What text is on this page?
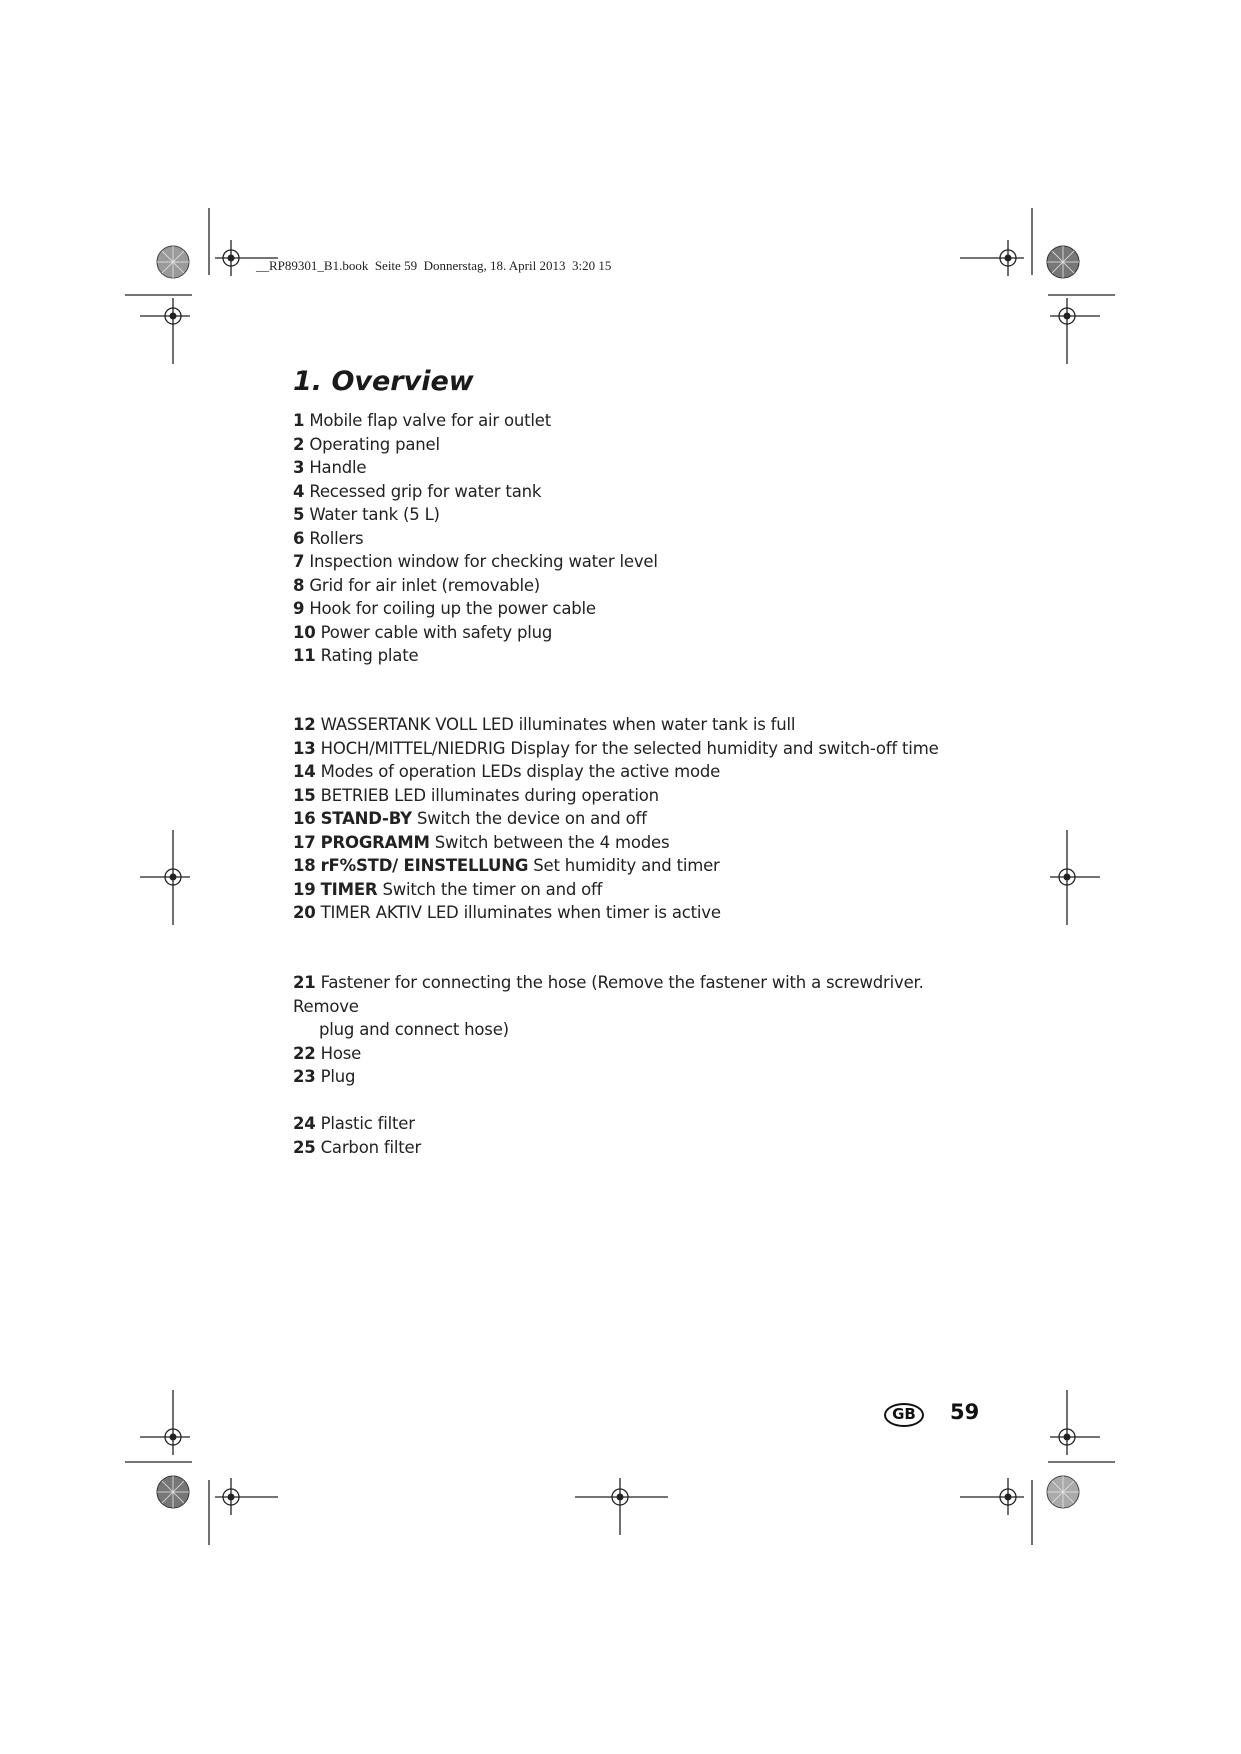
__RP89301_B1.book  Seite 59  Donnerstag, 18. April 2013  3:20 15
1. Overview
1 Mobile flap valve for air outlet
2 Operating panel
3 Handle
4 Recessed grip for water tank
5 Water tank (5 L)
6 Rollers
7 Inspection window for checking water level
8 Grid for air inlet (removable)
9 Hook for coiling up the power cable
10 Power cable with safety plug
11 Rating plate
12 WASSERTANK VOLL LED illuminates when water tank is full
13 HOCH/MITTEL/NIEDRIG Display for the selected humidity and switch-off time
14 Modes of operation LEDs display the active mode
15 BETRIEB LED illuminates during operation
16 STAND-BY Switch the device on and off
17 PROGRAMM Switch between the 4 modes
18 rF%STD/ EINSTELLUNG Set humidity and timer
19 TIMER Switch the timer on and off
20 TIMER AKTIV LED illuminates when timer is active
21 Fastener for connecting the hose (Remove the fastener with a screwdriver. Remove
plug and connect hose)
22 Hose
23 Plug
24 Plastic filter
25 Carbon filter
GB	59
